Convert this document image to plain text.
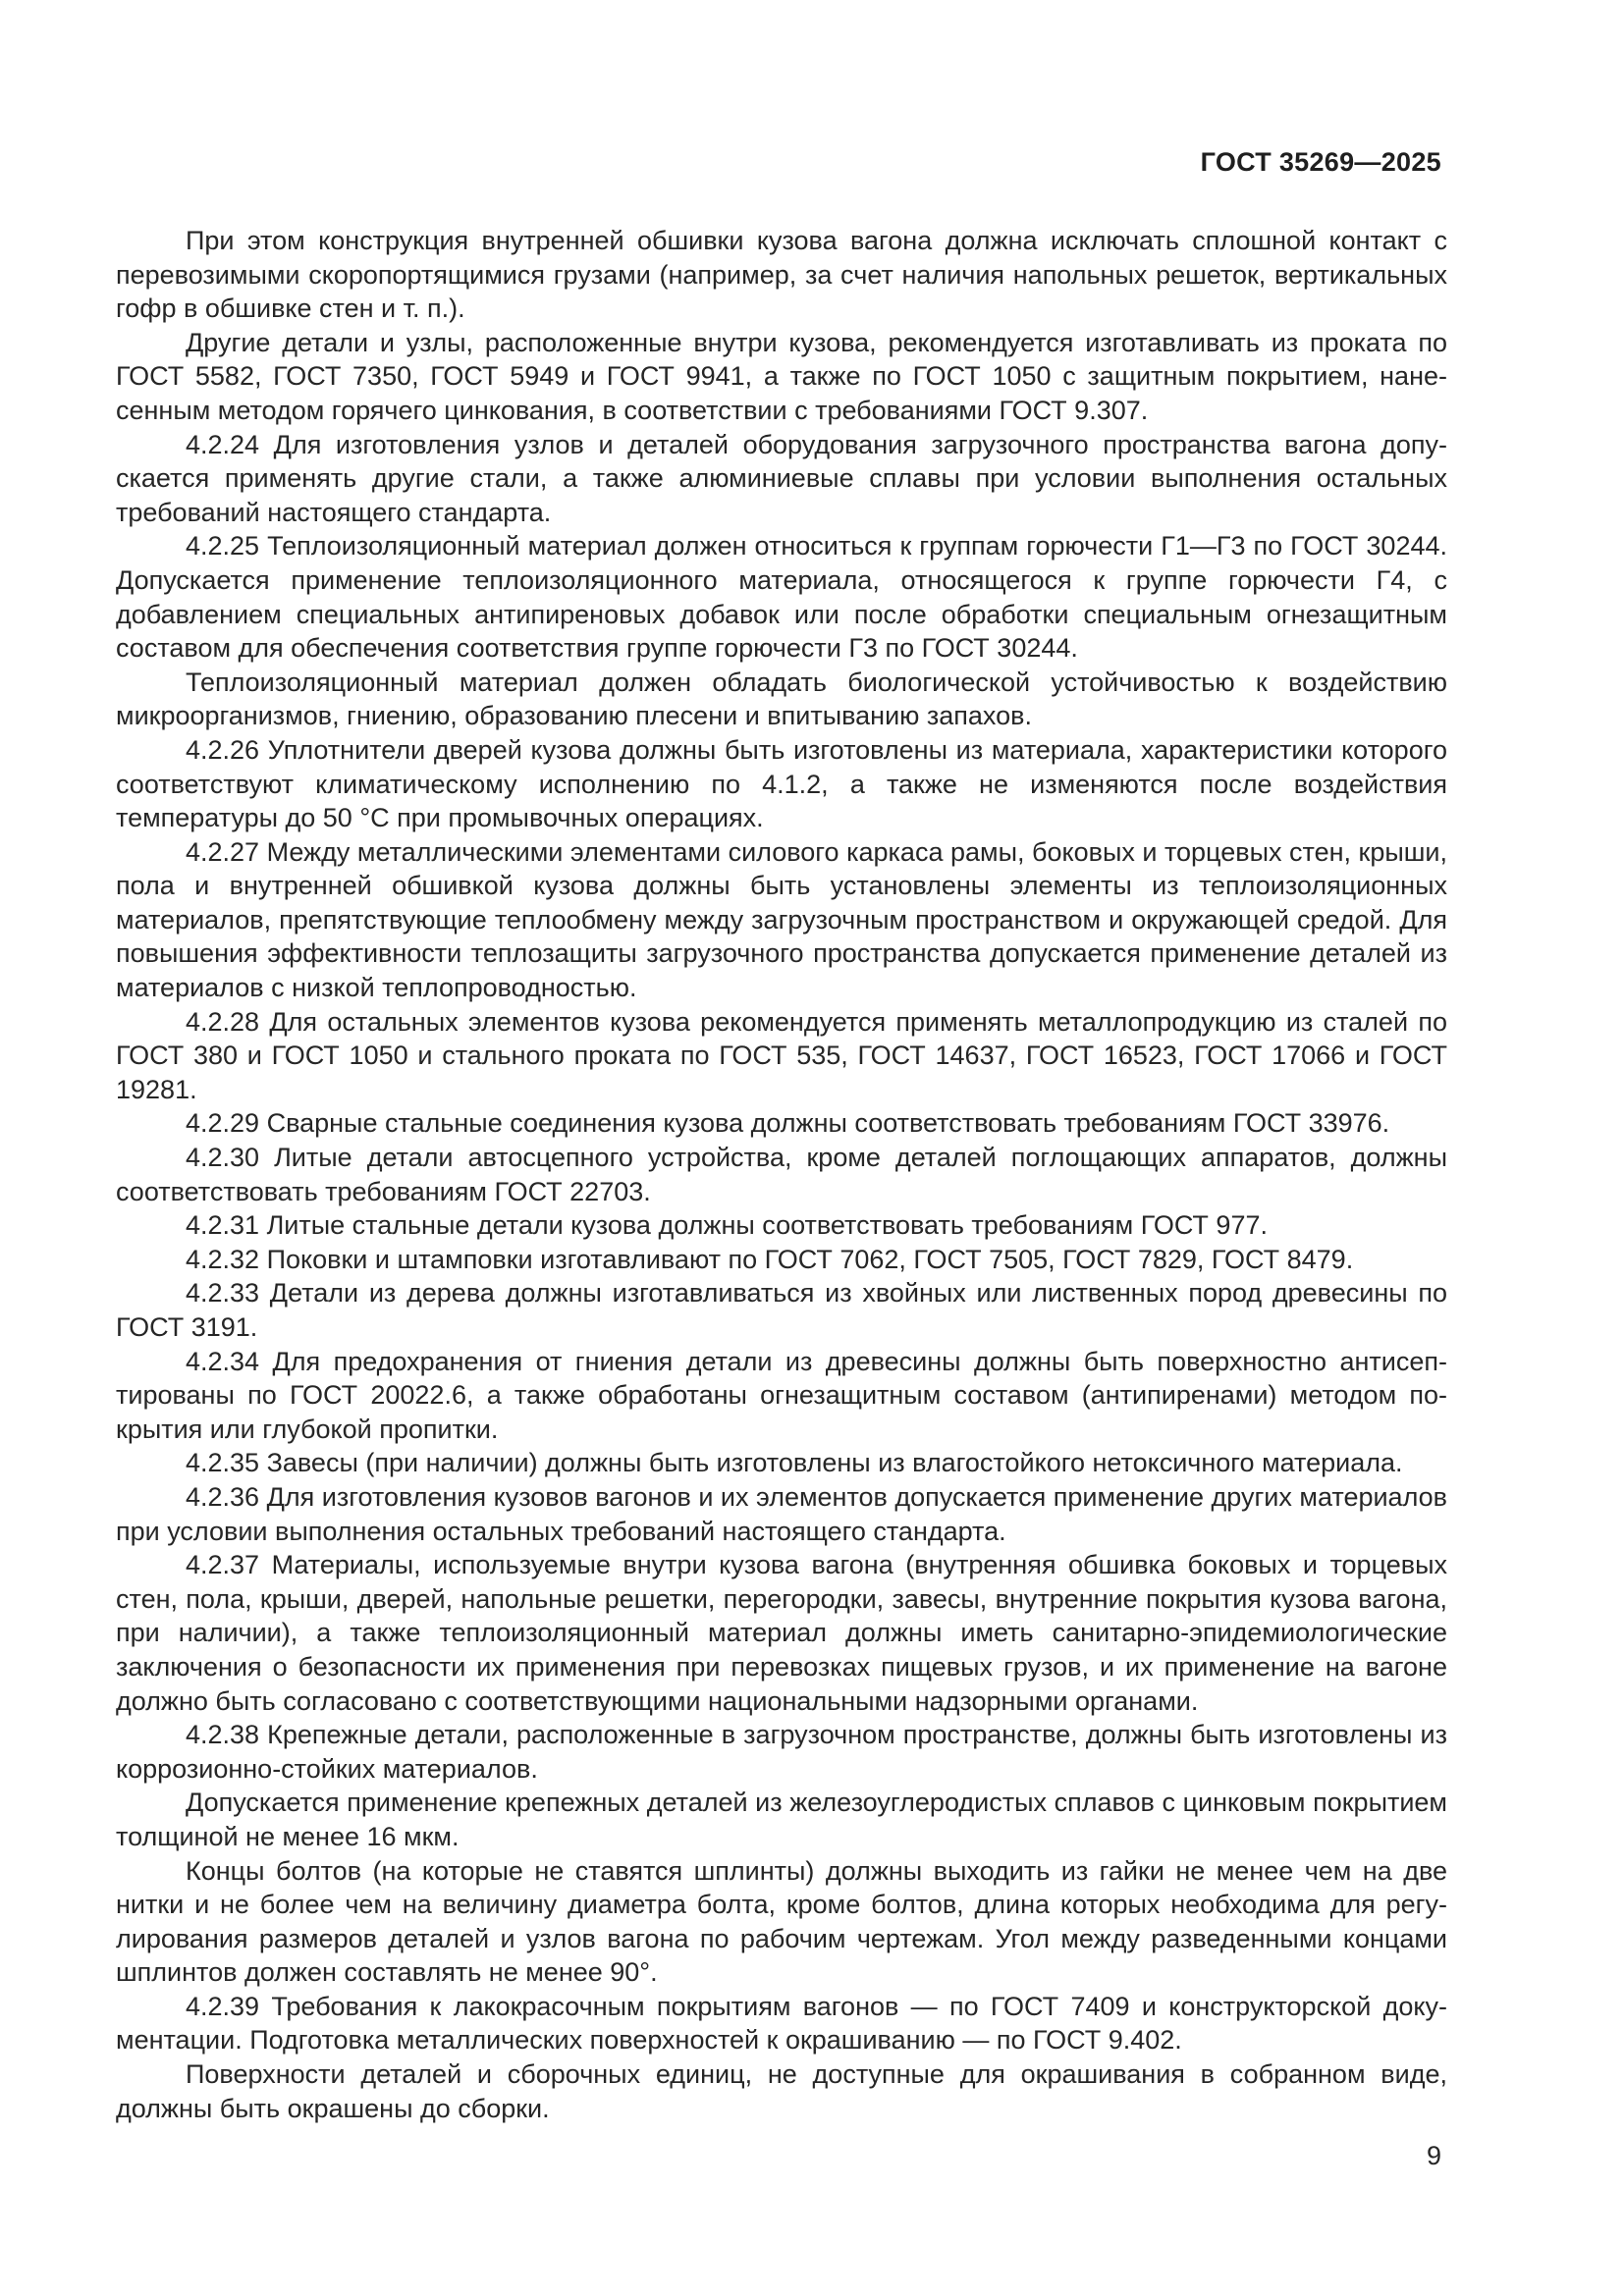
ГОСТ 35269—2025

При этом конструкция внутренней обшивки кузова вагона должна исключать сплошной контакт с перевозимыми скоропортящимися грузами (например, за счет наличия напольных решеток, вертикальных гофр в обшивке стен и т. п.).

Другие детали и узлы, расположенные внутри кузова, рекомендуется изготавливать из проката по ГОСТ 5582, ГОСТ 7350, ГОСТ 5949 и ГОСТ 9941, а также по ГОСТ 1050 с защитным покрытием, нанесенным методом горячего цинкования, в соответствии с требованиями ГОСТ 9.307.

4.2.24 Для изготовления узлов и деталей оборудования загрузочного пространства вагона допускается применять другие стали, а также алюминиевые сплавы при условии выполнения остальных требований настоящего стандарта.

4.2.25 Теплоизоляционный материал должен относиться к группам горючести Г1—Г3 по ГОСТ 30244. Допускается применение теплоизоляционного материала, относящегося к группе горючести Г4, с добавлением специальных антипиреновых добавок или после обработки специальным огнезащитным составом для обеспечения соответствия группе горючести Г3 по ГОСТ 30244.

Теплоизоляционный материал должен обладать биологической устойчивостью к воздействию микроорганизмов, гниению, образованию плесени и впитыванию запахов.

4.2.26 Уплотнители дверей кузова должны быть изготовлены из материала, характеристики которого соответствуют климатическому исполнению по 4.1.2, а также не изменяются после воздействия температуры до 50 °С при промывочных операциях.

4.2.27 Между металлическими элементами силового каркаса рамы, боковых и торцевых стен, крыши, пола и внутренней обшивкой кузова должны быть установлены элементы из теплоизоляционных материалов, препятствующие теплообмену между загрузочным пространством и окружающей средой. Для повышения эффективности теплозащиты загрузочного пространства допускается применение деталей из материалов с низкой теплопроводностью.

4.2.28 Для остальных элементов кузова рекомендуется применять металлопродукцию из сталей по ГОСТ 380 и ГОСТ 1050 и стального проката по ГОСТ 535, ГОСТ 14637, ГОСТ 16523, ГОСТ 17066 и ГОСТ 19281.

4.2.29 Сварные стальные соединения кузова должны соответствовать требованиям ГОСТ 33976.

4.2.30 Литые детали автосцепного устройства, кроме деталей поглощающих аппаратов, должны соответствовать требованиям ГОСТ 22703.

4.2.31 Литые стальные детали кузова должны соответствовать требованиям ГОСТ 977.

4.2.32 Поковки и штамповки изготавливают по ГОСТ 7062, ГОСТ 7505, ГОСТ 7829, ГОСТ 8479.

4.2.33 Детали из дерева должны изготавливаться из хвойных или лиственных пород древесины по ГОСТ 3191.

4.2.34 Для предохранения от гниения детали из древесины должны быть поверхностно антисептированы по ГОСТ 20022.6, а также обработаны огнезащитным составом (антипиренами) методом покрытия или глубокой пропитки.

4.2.35 Завесы (при наличии) должны быть изготовлены из влагостойкого нетоксичного материала.

4.2.36 Для изготовления кузовов вагонов и их элементов допускается применение других материалов при условии выполнения остальных требований настоящего стандарта.

4.2.37 Материалы, используемые внутри кузова вагона (внутренняя обшивка боковых и торцевых стен, пола, крыши, дверей, напольные решетки, перегородки, завесы, внутренние покрытия кузова вагона, при наличии), а также теплоизоляционный материал должны иметь санитарно-эпидемиологические заключения о безопасности их применения при перевозках пищевых грузов, и их применение на вагоне должно быть согласовано с соответствующими национальными надзорными органами.

4.2.38 Крепежные детали, расположенные в загрузочном пространстве, должны быть изготовлены из коррозионно-стойких материалов.

Допускается применение крепежных деталей из железоуглеродистых сплавов с цинковым покрытием толщиной не менее 16 мкм.

Концы болтов (на которые не ставятся шплинты) должны выходить из гайки не менее чем на две нитки и не более чем на величину диаметра болта, кроме болтов, длина которых необходима для регулирования размеров деталей и узлов вагона по рабочим чертежам. Угол между разведенными концами шплинтов должен составлять не менее 90°.

4.2.39 Требования к лакокрасочным покрытиям вагонов — по ГОСТ 7409 и конструкторской документации. Подготовка металлических поверхностей к окрашиванию — по ГОСТ 9.402.

Поверхности деталей и сборочных единиц, не доступные для окрашивания в собранном виде, должны быть окрашены до сборки.

9
